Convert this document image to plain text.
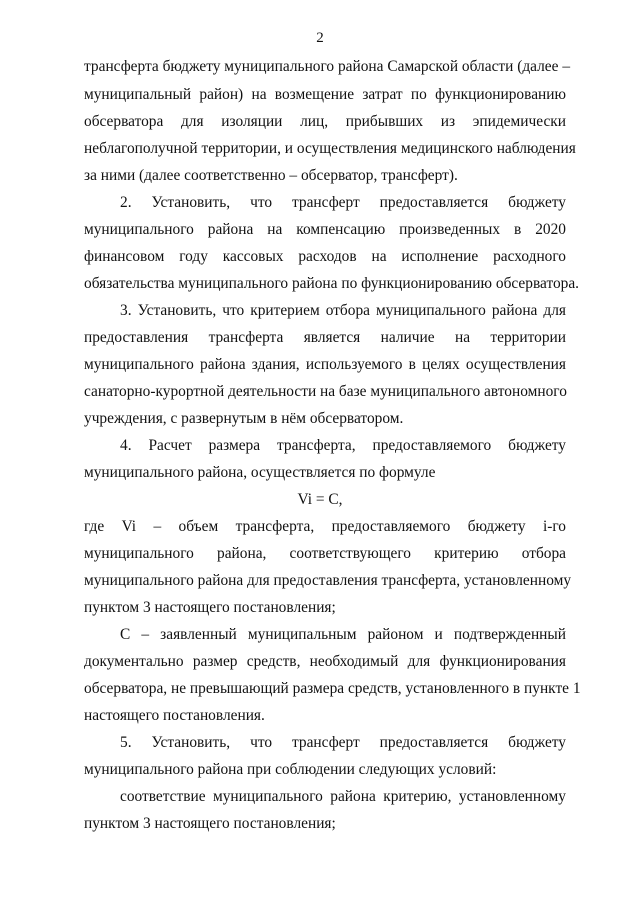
2
трансферта бюджету муниципального района Самарской области (далее –
муниципальный район) на возмещение затрат по функционированию
обсерватора для изоляции лиц, прибывших из эпидемически
неблагополучной территории, и осуществления медицинского наблюдения
за ними (далее соответственно – обсерватор, трансферт).
2. Установить, что трансферт предоставляется бюджету
муниципального района на компенсацию произведенных в 2020
финансовом году кассовых расходов на исполнение расходного
обязательства муниципального района по функционированию обсерватора.
3. Установить, что критерием отбора муниципального района для
предоставления трансферта является наличие на территории
муниципального района здания, используемого в целях осуществления
санаторно-курортной деятельности на базе муниципального автономного
учреждения, с развернутым в нём обсерватором.
4. Расчет размера трансферта, предоставляемого бюджету
муниципального района, осуществляется по формуле
Vi = C,
где Vi – объем трансферта, предоставляемого бюджету i-го
муниципального района, соответствующего критерию отбора
муниципального района для предоставления трансферта, установленному
пунктом 3 настоящего постановления;
C – заявленный муниципальным районом и подтвержденный
документально размер средств, необходимый для функционирования
обсерватора, не превышающий размера средств, установленного в пункте 1
настоящего постановления.
5. Установить, что трансферт предоставляется бюджету
муниципального района при соблюдении следующих условий:
соответствие муниципального района критерию, установленному
пунктом 3 настоящего постановления;
